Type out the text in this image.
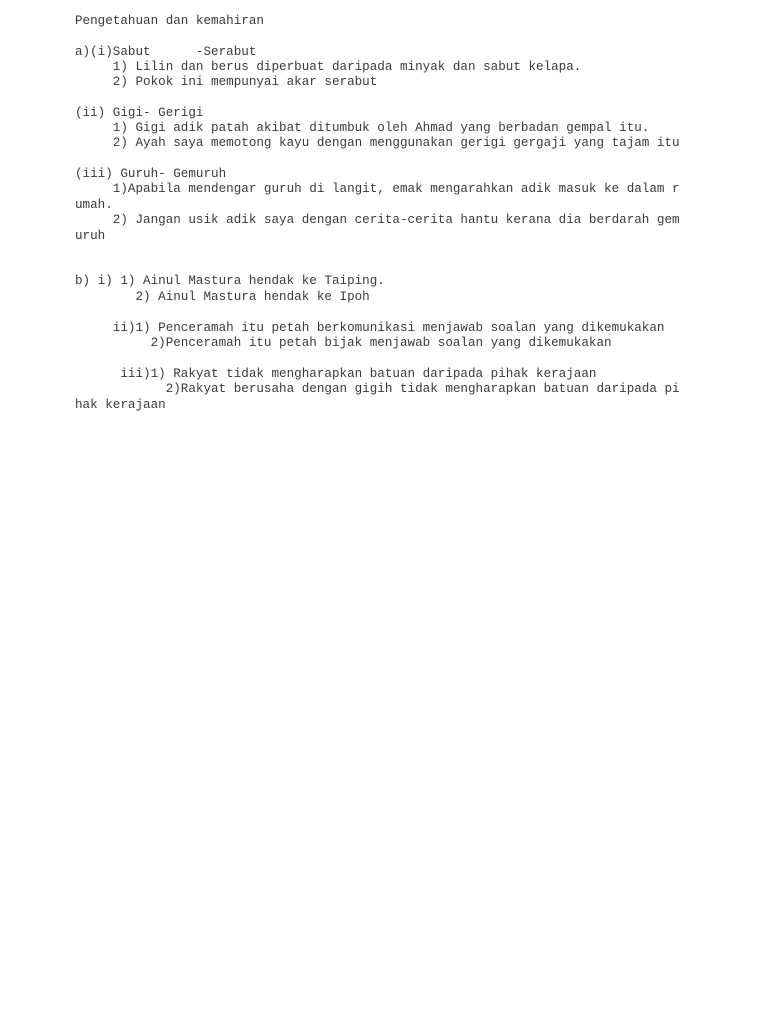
Pengetahuan dan kemahiran

a)(i)Sabut      -Serabut

1) Lilin dan berus diperbuat daripada minyak dan sabut kelapa.

2) Pokok ini mempunyai akar serabut

(ii) Gigi- Gerigi

1) Gigi adik patah akibat ditumbuk oleh Ahmad yang berbadan gempal itu.

2) Ayah saya memotong kayu dengan menggunakan gerigi gergaji yang tajam itu

(iii) Guruh- Gemuruh

1)Apabila mendengar guruh di langit, emak mengarahkan adik masuk ke dalam r

umah.

2) Jangan usik adik saya dengan cerita-cerita hantu kerana dia berdarah gem

uruh

b) i) 1) Ainul Mastura hendak ke Taiping.

2) Ainul Mastura hendak ke Ipoh

ii)1) Penceramah itu petah berkomunikasi menjawab soalan yang dikemukakan

2)Penceramah itu petah bijak menjawab soalan yang dikemukakan

iii)1) Rakyat tidak mengharapkan batuan daripada pihak kerajaan

2)Rakyat berusaha dengan gigih tidak mengharapkan batuan daripada pi

hak kerajaan
